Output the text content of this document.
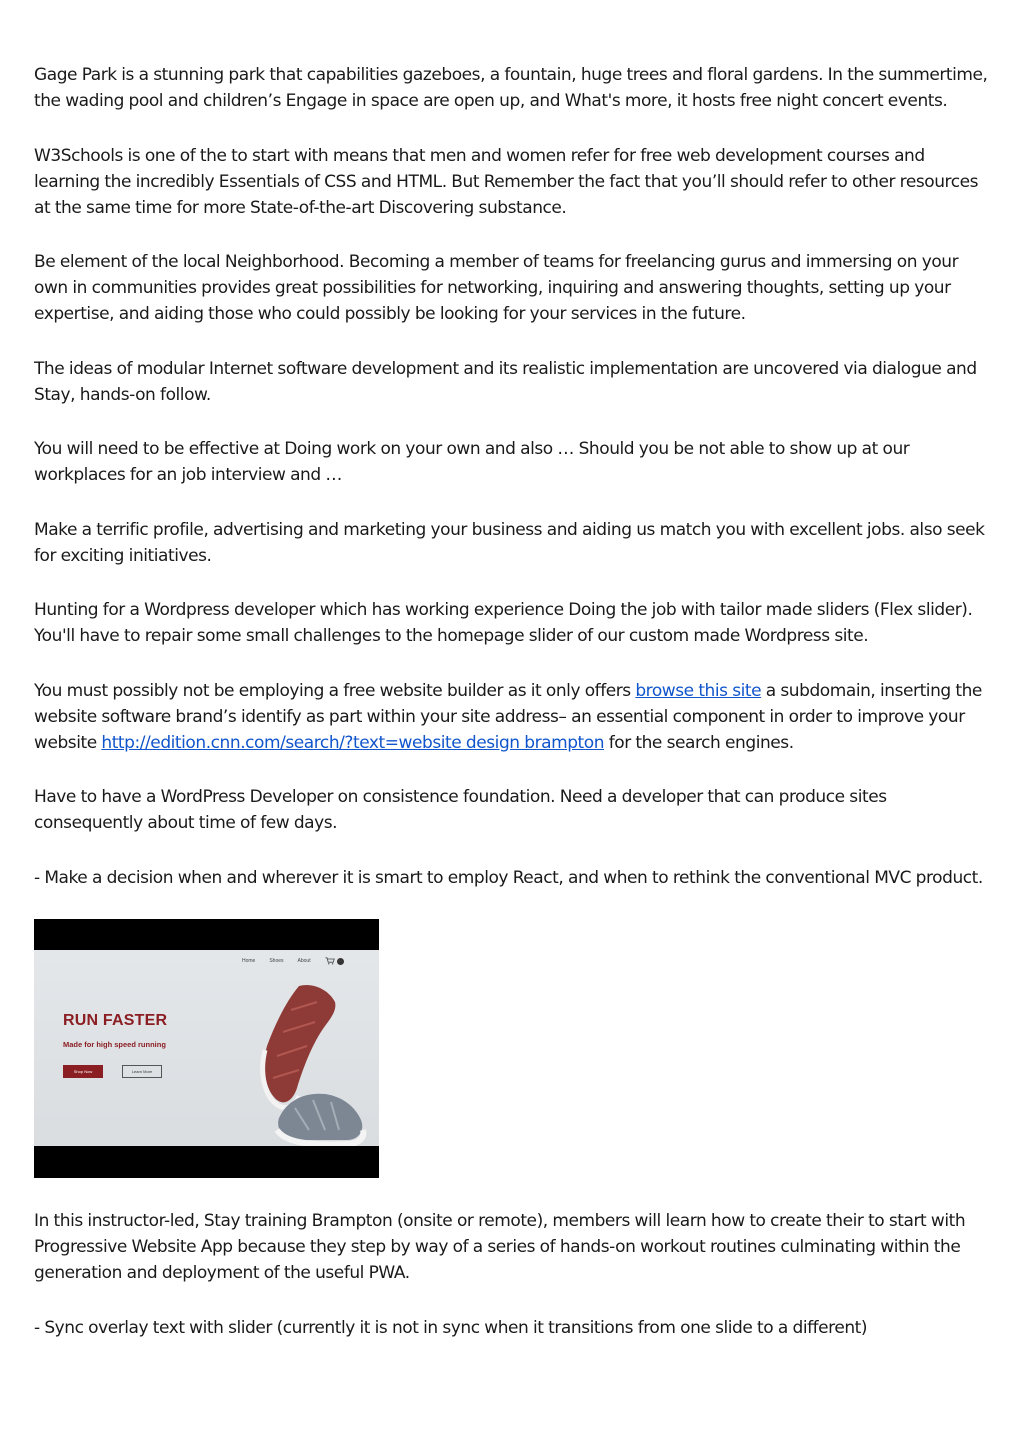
Gage Park is a stunning park that capabilities gazeboes, a fountain, huge trees and floral gardens. In the summertime, the wading pool and children’s Engage in space are open up, and What's more, it hosts free night concert events.

W3Schools is one of the to start with means that men and women refer for free web development courses and learning the incredibly Essentials of CSS and HTML. But Remember the fact that you’ll should refer to other resources at the same time for more State-of-the-art Discovering substance.

Be element of the local Neighborhood. Becoming a member of teams for freelancing gurus and immersing on your own in communities provides great possibilities for networking, inquiring and answering thoughts, setting up your expertise, and aiding those who could possibly be looking for your services in the future.

The ideas of modular Internet software development and its realistic implementation are uncovered via dialogue and Stay, hands-on follow.

You will need to be effective at Doing work on your own and also … Should you be not able to show up at our workplaces for an job interview and …

Make a terrific profile, advertising and marketing your business and aiding us match you with excellent jobs. also seek for exciting initiatives.

Hunting for a Wordpress developer which has working experience Doing the job with tailor made sliders (Flex slider). You'll have to repair some small challenges to the homepage slider of our custom made Wordpress site.

You must possibly not be employing a free website builder as it only offers browse this site a subdomain, inserting the website software brand’s identify as part within your site address– an essential component in order to improve your website http://edition.cnn.com/search/?text=website design brampton for the search engines.

Have to have a WordPress Developer on consistence foundation. Need a developer that can produce sites consequently about time of few days.

- Make a decision when and wherever it is smart to employ React, and when to rethink the conventional MVC product.

Home	Shoes	About	0
RUN FASTER
Made for high speed running
Shop Now	Learn More

In this instructor-led, Stay training Brampton (onsite or remote), members will learn how to create their to start with Progressive Website App because they step by way of a series of hands-on workout routines culminating within the generation and deployment of the useful PWA.

- Sync overlay text with slider (currently it is not in sync when it transitions from one slide to a different)
